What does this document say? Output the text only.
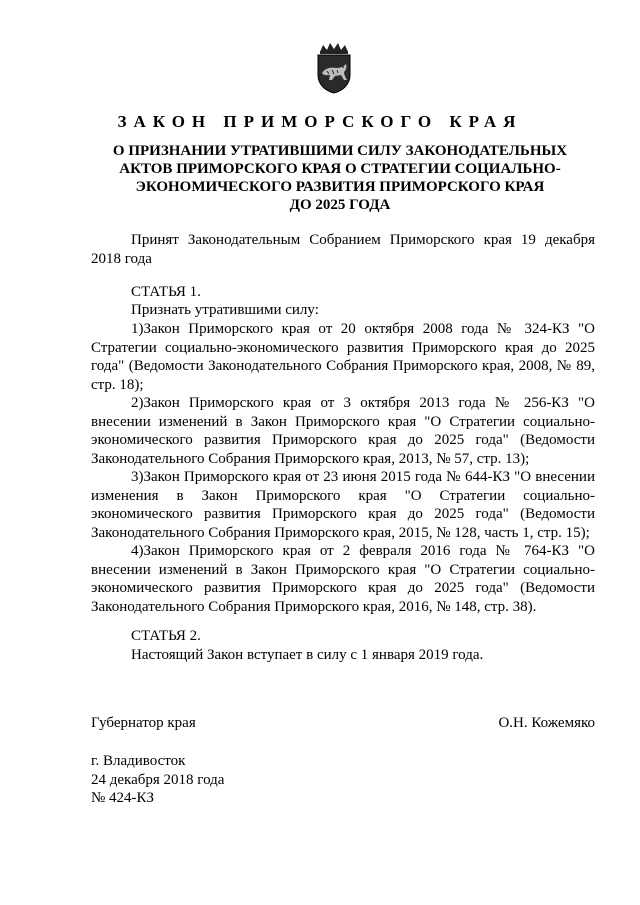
ЗАКОН ПРИМОРСКОГО КРАЯ
О ПРИЗНАНИИ УТРАТИВШИМИ СИЛУ ЗАКОНОДАТЕЛЬНЫХ
АКТОВ ПРИМОРСКОГО КРАЯ О СТРАТЕГИИ СОЦИАЛЬНО-
ЭКОНОМИЧЕСКОГО РАЗВИТИЯ ПРИМОРСКОГО КРАЯ
ДО 2025 ГОДА
Принят Законодательным Собранием Приморского края 19 декабря 2018 года
СТАТЬЯ 1.
Признать утратившими силу:
1)Закон Приморского края от 20 октября 2008 года № 324-КЗ "О Стратегии социально-экономического развития Приморского края до 2025 года" (Ведомости Законодательного Собрания Приморского края, 2008, № 89, стр. 18);
2)Закон Приморского края от 3 октября 2013 года № 256-КЗ "О внесении изменений в Закон Приморского края "О Стратегии социально-экономического развития Приморского края до 2025 года" (Ведомости Законодательного Собрания Приморского края, 2013, № 57, стр. 13);
3)Закон Приморского края от 23 июня 2015 года № 644-КЗ "О внесении изменения в Закон Приморского края "О Стратегии социально-экономического развития Приморского края до 2025 года" (Ведомости Законодательного Собрания Приморского края, 2015, № 128, часть 1, стр. 15);
4)Закон Приморского края от 2 февраля 2016 года № 764-КЗ "О внесении изменений в Закон Приморского края "О Стратегии социально-экономического развития Приморского края до 2025 года" (Ведомости Законодательного Собрания Приморского края, 2016, № 148, стр. 38).
СТАТЬЯ 2.
Настоящий Закон вступает в силу с 1 января 2019 года.
Губернатор края	О.Н. Кожемяко
г. Владивосток
24 декабря 2018 года
№ 424-КЗ
